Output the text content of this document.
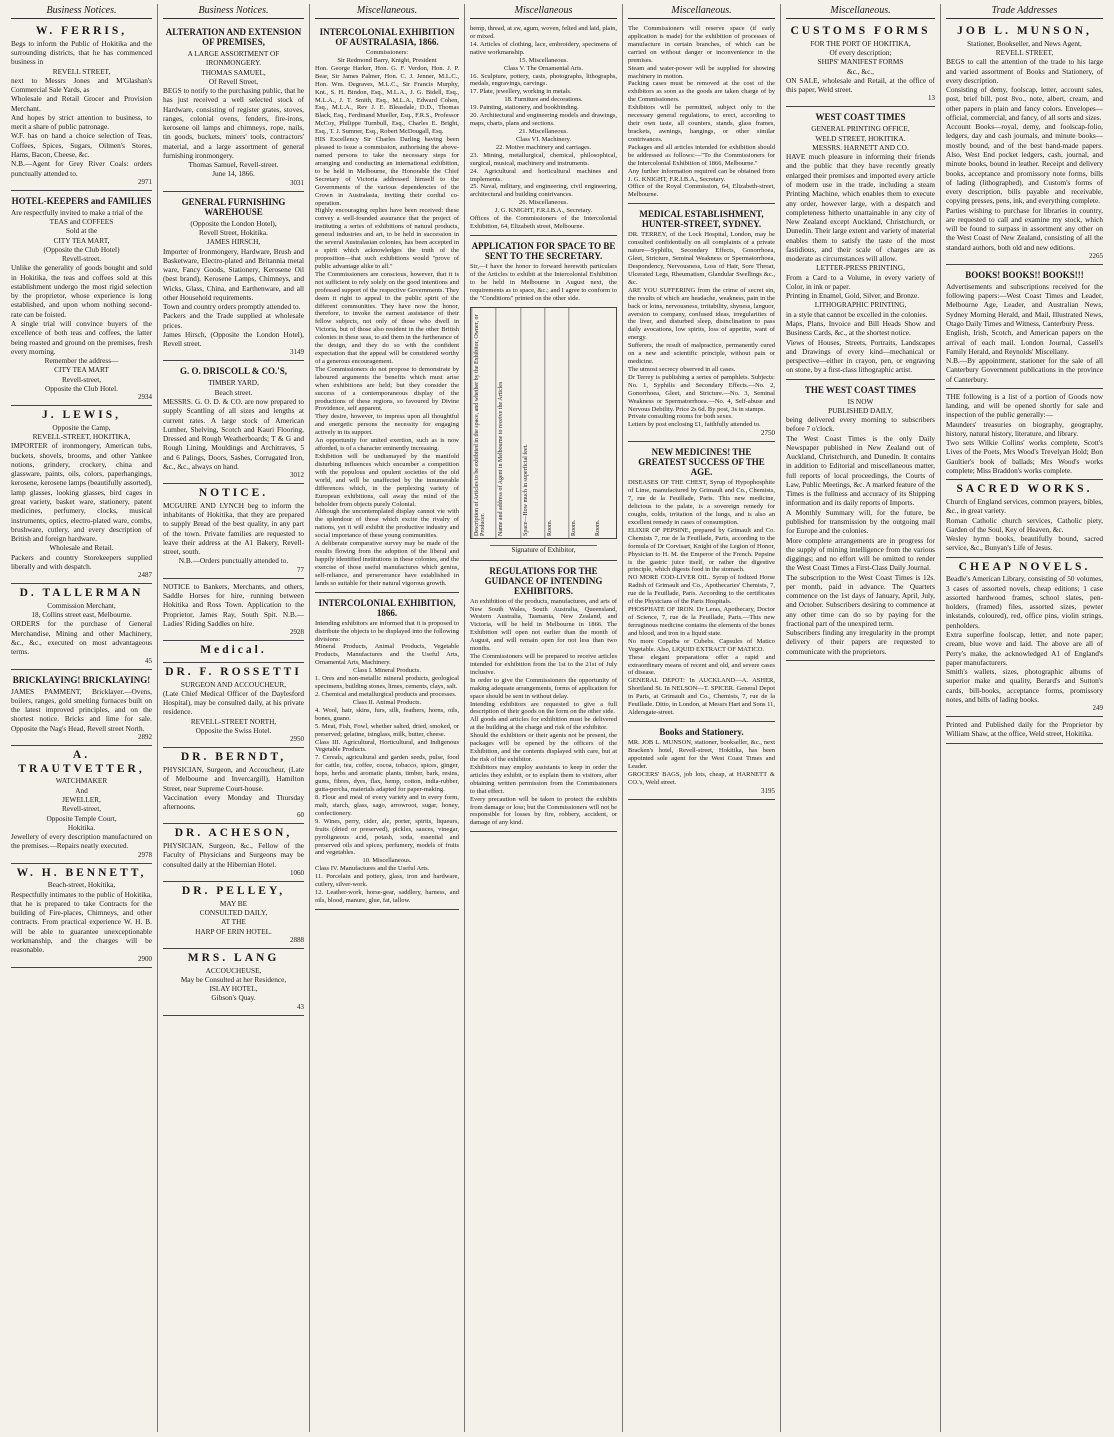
Business Notices.
W. FERRIS,

Begs to inform the Public of Hokitika and the surrounding districts, that he has commenced business in

REVELL STREET,

next to Messrs Jones and M'Glashan's Commercial Sale Yards, as

Wholesale and Retail Grocer and Provision Merchant.

And hopes by strict attention to business, to merit a share of public patronage.

W.F. has on hand a choice selection of Teas, Coffees, Spices, Sugars, Oilmen's Stores, Hams, Bacon, Cheese, &c.

N.B.—Agent for Grey River Coals: orders punctually attended to.

2971
HOTEL-KEEPERS and FAMILIES

Are respectfully invited to make a trial of the

TEAS and COFFEES

Sold at the

CITY TEA MART,

(Opposite the Club Hotel)

Revell-street.

Unlike the generality of goods bought and sold in Hokitika, the teas and coffees sold at this establishment undergo the most rigid selection by the proprietor, whose experience is long established, and upon whom nothing second-rate can be foisted.

A single trial will convince buyers of the excellence of both teas and coffees, the latter being roasted and ground on the premises, fresh every morning.

Remember the address—

CITY TEA MART

Revell-street,

Opposite the Club Hotel.

2934
J. LEWIS,

Opposite the Camp,

REVELL-STREET, HOKITIKA,

IMPORTER of ironmongery, American tubs, buckets, shovels, brooms, and other Yankee notions, grindery, crockery, china and glassware, paints, oils, colors, paperhangings, kerosene, kerosene lamps (beautifully assorted), lamp glasses, looking glasses, bird cages in great variety, basket ware, stationery, patent medicines, perfumery, clocks, musical instruments, optics, electro-plated ware, combs, brushware, cutlery, and every description of British and foreign hardware.

Wholesale and Retail.

Packers and country Storekeepers supplied liberally and with despatch.

2487
D. TALLERMAN

Commission Merchant,

18, Collins street east, Melbourne.

ORDERS for the purchase of General Merchandise, Mining and other Machinery, &c., &c., executed on most advantageous terms.

45
BRICKLAYING! BRICKLAYING!

JAMES PAMMENT, Bricklayer.—Ovens, boilers, ranges, gold smelting furnaces built on the latest improved principles, and on the shortest notice. Bricks and lime for sale. Opposite the Nag's Head, Revell street North.

2892
A. TRAUTVETTER,

WATCHMAKER

And

JEWELLER,

Revell-street,

Opposite Temple Court,

Hokitika.

Jewellery of every description manufactured on the premises.—Repairs neatly executed.

2978
W. H. BENNETT,

Beach-street, Hokitika,

Respectfully intimates to the public of Hokitika, that he is prepared to take Contracts for the building of Fire-places, Chimneys, and other contracts. From practical experience W. H. B. will be able to guarantee unexceptionable workmanship, and the charges will be reasonable.

2900
Business Notices.
ALTERATION AND EXTENSION OF PREMISES,

A LARGE ASSORTMENT OF IRONMONGERY.

THOMAS SAMUEL,

Of Revell Street,

BEGS to notify to the purchasing public, that he has just received a well selected stock of Hardware, consisting of register grates, stoves, ranges, colonial ovens, fenders, fire-irons, kerosene oil lamps and chimneys, rope, nails, tin goods, buckets, miners' tools, contractors' material, and a large assortment of general furnishing ironmongery.

Thomas Samuel, Revell-street.

June 14, 1866.

3031
GENERAL FURNISHING WAREHOUSE

(Opposite the London Hotel),

Revell Street, Hokitika.

JAMES HIRSCH,

Importer of Ironmongery, Hardware, Brush and Basketware, Electro-plated and Britannia metal ware, Fancy Goods, Stationery, Kerosene Oil (best brand), Kerosene Lamps, Chimneys, and Wicks, Glass, China, and Earthenware, and all other Household requirements.

Town and country orders promptly attended to.

Packers and the Trade supplied at wholesale prices.

James Hirsch, (Opposite the London Hotel), Revell street.

3149
G. O. DRISCOLL & CO.'S,

TIMBER YARD,

Beach street.

MESSRS. G. O. D. & CO. are now prepared to supply Scantling of all sizes and lengths at current rates. A large stock of American Lumber, Shelving, Scotch and Kauri Flooring, Dressed and Rough Weatherboards; T & G and Rough Lining, Mouldings and Architraves, 5 and 6 Palings, Doors, Sashes, Corrugated Iron, &c., &c., always on hand.

3012
NOTICE.

MCGUIRE AND LYNCH beg to inform the inhabitants of Hokitika, that they are prepared to supply Bread of the best quality, in any part of the town. Private families are requested to leave their address at the A1 Bakery, Revell-street, south.

N.B.—Orders punctually attended to.

77

NOTICE to Bankers, Merchants, and others, Saddle Horses for hire, running between Hokitika and Ross Town. Application to the Proprietor, James Ray, South Spit. N.B.—Ladies' Riding Saddles on hire.

2928
Medical.
DR. F. ROSSETTI

SURGEON AND ACCOUCHEUR,

(Late Chief Medical Officer of the Daylesford Hospital), may be consulted daily, at his private residence.

REVELL-STREET NORTH,

Opposite the Swiss Hotel.

2950
DR. BERNDT,

PHYSICIAN, Surgeon, and Accoucheur, (Late of Melbourne and Invercargill), Hamilton Street, near Supreme Court-house.

Vaccination every Monday and Thursday afternoons.

60
DR. ACHESON,

PHYSICIAN, Surgeon, &c., Fellow of the Faculty of Physicians and Surgeons may be consulted daily at the Hibernian Hotel.

1060
DR. PELLEY,

MAY BE

CONSULTED DAILY,

AT THE

HARP OF ERIN HOTEL.

2888
MRS. LANG

ACCOUCHEUSE,

May be Consulted at her Residence,

ISLAY HOTEL,

Gibson's Quay.

43
Miscellaneous.
INTERCOLONIAL EXHIBITION OF AUSTRALASIA, 1866.

Commissioners:

Sir Redmond Barry, Knight, President

Hon. George Harker, Hon. G. F. Verdon, Hon. J. P. Bear, Sir James Palmer, Hon. C. J. Jenner, M.L.C., Hon. Wm. Degraves, M.L.C., Sir Francis Murphy, Knt., S. H. Bindon, Esq., M.L.A., J. G. Bidell, Esq., M.L.A., J. T. Smith, Esq., M.L.A., Edward Cohen, Esq., M.L.A., Rev J. E. Bleasdale, D.D., Thomas Black, Esq., Ferdinand Mueller, Esq., F.R.S., Professor McCoy, Philippe Turnbull, Esq., Charles E. Bright, Esq., T. J. Sumner, Esq., Robert McDougall, Esq.

HIS Excellency Sir Charles Darling having been pleased to issue a commission, authorising the above-named persons to take the necessary steps for arranging and conducting an international exhibition, to be held in Melbourne, the Honorable the Chief Secretary of Victoria addressed himself to the Governments of the various dependencies of the Crown in Australasia, inviting their cordial co-operation.

Highly encouraging replies have been received: these convey a well-founded assurance that the project of instituting a series of exhibitions of natural products, general industries and art, to be held in succession in the several Australasian colonies, has been accepted in a spirit which acknowledges the truth of the proposition—that such exhibitions would "prove of public advantage alike to all."

The Commissioners are conscious, however, that it is not sufficient to rely solely on the good intentions and professed support of the respective Governments. They deem it right to appeal to the public spirit of the different communities. They have now the honor, therefore, to invoke the earnest assistance of their fellow subjects, not only of those who dwell in Victoria, but of those also resident in the other British colonies in these seas, to aid them in the furtherance of the design, and they do so with the confident expectation that the appeal will be considered worthy of a generous encouragement.

The Commissioners do not propose to demonstrate by laboured arguments the benefits which must arise when exhibitions are held; but they consider the success of a contemporaneous display of the productions of these regions, so favoured by Divine Providence, self apparent.

They desire, however, to impress upon all thoughtful and energetic persons the necessity for engaging actively in its support.

An opportunity for united exertion, such as is now afforded, is of a character eminently increasing.

Exhibition will be undismayed by the manifold disturbing influences which encumber a competition with the populous and opulent societies of the old world, and will be unaffected by the innumerable differences which, in the perplexing variety of European exhibitions, call away the mind of the beholder from objects purely Colonial.

Although the uncontemplated display cannot vie with the splendour of those which excite the rivalry of nations, yet it will exhibit the productive industry and social importance of these young communities.

A deliberate comparative survey may be made of the results flowing from the adoption of the liberal and happily identified institutions in these colonies, and the exercise of those useful manufactures which genius, self-reliance, and perseverance have established in lands so suitable for their natural vigorous growth.

INTERCOLONIAL EXHIBITION, 1866.

Intending exhibitors are informed that it is proposed to distribute the objects to be displayed into the following divisions:

Mineral Products, Animal Products, Vegetable Products, Manufactures and the Useful Arts, Ornamental Arts, Machinery.

Class I. Mineral Products.

1. Ores and non-metallic mineral products, geological specimens, building stones, limes, cements, clays, salt.

2. Chemical and metallurgical products and processes.

Class II. Animal Products.

4. Wool, hair, skins, furs, silk, feathers, horns, oils, bones, guano.

5. Meat, Fish, Fowl, whether salted, dried, smoked, or preserved; gelatine, isinglass, milk, butter, cheese.

Class III. Agricultural, Horticultural, and Indigenous Vegetable Products.

7. Cereals, agricultural and garden seeds, pulse, food for cattle, tea, coffee, cocoa, tobacco, spices, ginger, hops, herbs and aromatic plants, timber, bark, resins, gums, fibres, dyes, flax, hemp, cotton, india-rubber, gutta-percha, materials adapted for paper-making.

8. Flour and meal of every variety and in every form, malt, starch, glass, sago, arrowroot, sugar, honey, confectionery.

9. Wines, perry, cider, ale, porter, spirits, liqueurs, fruits (dried or preserved), pickles, sauces, vinegar, pyroligneous acid, potash, soda, essential and preserved oils and spices, perfumery, models of fruits and vegetables.

10. Miscellaneous.

Class IV. Manufactures and the Useful Arts.

11. Porcelain and pottery, glass, iron and hardware, cutlery, silver-work.

12. Leather-work, horse-gear, saddlery, harness, and oils, blood, manure, glue, fat, tallow.

Miscellaneous

hemp, thread, at sw, agum, woven, felted and laid, plain, or mixed.

14. Articles of clothing, lace, embroidery, specimens of native workmanship.

15. Miscellaneous.

Class V. The Ornamental Arts.

16. Sculpture, pottery, casts, photographs, lithographs, medals, engravings, carvings.

17. Plate, jewellery, working in metals.

18. Furniture and decorations.

19. Painting, stationery, and bookbinding.

20. Architectural and engineering models and drawings, maps, charts, plans and sections.

21. Miscellaneous.

Class VI. Machinery.

22. Motive machinery and carriages.

23. Mining, metallurgical, chemical, philosophical, surgical, musical, machinery and instruments.

24. Agricultural and horticultural machines and implements.

25. Naval, military, and engineering, civil engineering, architectural and building contrivances.

26. Miscellaneous.

J. G. KNIGHT, F.R.I.B.A., Secretary.

Offices of the Commissioners of the Intercolonial Exhibition, 64, Elizabeth street, Melbourne.

APPLICATION FOR SPACE TO BE SENT TO THE SECRETARY.

Sir,—I have the honor to forward herewith particulars of the Articles to exhibit at the Intercolonial Exhibition to be held in Melbourne in August next, the requirements as to space, &c.; and I agree to conform to the "Conditions" printed on the other side.

Description of Articles to be exhibited in the space, and whether by the Exhibitor, Owner, or Producer.	Name and address of Agent in Melbourne to receive the Articles	Space—How much in superficial feet.	Room.	Room.	Room.
Signature of Exhibitor,
REGULATIONS FOR THE GUIDANCE OF INTENDING EXHIBITORS.

An exhibition of the products, manufactures, and arts of New South Wales, South Australia, Queensland, Western Australia, Tasmania, New Zealand, and Victoria, will be held in Melbourne in 1866. The Exhibition will open not earlier than the month of August, and will remain open for not less than two months.

The Commissioners will be prepared to receive articles intended for exhibition from the 1st to the 21st of July inclusive.

In order to give the Commissioners the opportunity of making adequate arrangements, forms of application for space should be sent in without delay.

Intending exhibitors are requested to give a full description of their goods on the form on the other side.

All goods and articles for exhibition must be delivered at the building at the charge and risk of the exhibitor.

Should the exhibitors or their agents not be present, the packages will be opened by the officers of the Exhibition, and the contents displayed with care, but at the risk of the exhibitor.

Exhibitors may employ assistants to keep in order the articles they exhibit, or to explain them to visitors, after obtaining written permission from the Commissioners to that effect.

Every precaution will be taken to protect the exhibits from damage or loss; but the Commissioners will not be responsible for losses by fire, robbery, accident, or damage of any kind.

Miscellaneous.

The Commissioners will reserve space (if early application is made) for the exhibition of processes of manufacture in certain branches, of which can be carried on without danger or inconvenience in the premises.

Steam and water-power will be supplied for showing machinery in motion.

Packing cases must be removed at the cost of the exhibitors as soon as the goods are taken charge of by the Commissioners.

Exhibitors will be permitted, subject only to the necessary general regulations, to erect, according to their own taste, all counters, stands, glass frames, brackets, awnings, hangings, or other similar contrivances.

Packages and all articles intended for exhibition should be addressed as follows:—"To the Commissioners for the Intercolonial Exhibition of 1866, Melbourne."

Any further information required can be obtained from J. G. KNIGHT, F.R.I.B.A., Secretary.

Office of the Royal Commission, 64, Elizabeth-street, Melbourne.

MEDICAL ESTABLISHMENT, HUNTER-STREET, SYDNEY.

DR. TERREY, of the Lock Hospital, London, may be consulted confidentially on all complaints of a private nature—Syphilis, Secondary Effects, Gonorrhoea, Gleet, Stricture, Seminal Weakness or Spermatorrhoea, Despondency, Nervousness, Loss of Hair, Sore Throat, Ulcerated Legs, Rheumatism, Glandular Swellings &c., &c.

ARE YOU SUFFERING from the crime of secret sin, the results of which are headache, weakness, pain in the back or loins, nervousness, irritability, shyness, languor, aversion to company, confused ideas, irregularities of the liver, and disturbed sleep, disinclination to pass daily avocations, low spirits, loss of appetite, want of energy.

Sufferers, the result of malpractice, permanently cured on a new and scientific principle, without pain or medicine.

The utmost secrecy observed in all cases.

Dr Terrey is publishing a series of pamphlets. Subjects: No. 1, Syphilis and Secondary Effects.—No. 2, Gonorrhoea, Gleet, and Stricture.—No. 3, Seminal Weakness or Spermatorrhoea.—No. 4, Self-abuse and Nervous Debility. Price 2s 6d. By post, 3s in stamps.

Private consulting rooms for both sexes.

Letters by post enclosing £1, faithfully attended to.

2750
NEW MEDICINES! THE GREATEST SUCCESS OF THE AGE.

DISEASES OF THE CHEST, Syrup of Hypophosphite of Lime, manufactured by Grimault and Co., Chemists, 7, rue de la Feuillade, Paris. This new medicine, delicious to the palate, is a sovereign remedy for coughs, colds, irritation of the lungs, and is also an excellent remedy in cases of consumption.

ELIXIR OF PEPSINE, prepared by Grimault and Co. Chemists 7, rue de la Feuillade, Paris, according to the formula of Dr Corvisart, Knight of the Legion of Honor, Physician to H. M. the Emperor of the French. Pepsine is the gastric juice itself, or rather the digestive principle, which digests food in the stomach.

NO MORE COD-LIVER OIL. Syrup of Iodized Horse Radish of Grimault and Co., Apothecaries' Chemists, 7, rue de la Feuillade, Paris. According to the certificates of the Physicians of the Paris Hospitals.

PHOSPHATE OF IRON. Dr Leras, Apothecary, Doctor of Science, 7, rue de la Feuillade, Paris.—This new ferruginous medicine contains the elements of the bones and blood, and iron in a liquid state.

No more Copaiba or Cubebs. Capsules of Matico Vegetable. Also, LIQUID EXTRACT OF MATICO.

These elegant preparations offer a rapid and extraordinary means of recent and old, and severe cases of disease.

GENERAL DEPOT: In AUCKLAND—A. ASHER, Shortland St. In NELSON—T. SPICER. General Depot in Paris, at Grimault and Co., Chemists, 7, rue de la Feuillade. Ditto, in London, at Messrs Hart and Sons 11, Aldersgate-street.

Books and Stationery.

MR. JOB L. MUNSON, stationer, bookseller, &c., next Bracken's hotel, Revell-street, Hokitika, has been appointed sole agent for the West Coast Times and Leader.

GROCERS' BAGS, job lots, cheap, at HARNETT & CO.'s, Weld street.

3195
Miscellaneous.
CUSTOMS FORMS

FOR THE PORT OF HOKITIKA,

Of every description;

SHIPS' MANIFEST FORMS

&c., &c.,

ON SALE, wholesale and Retail, at the office of this paper, Weld street.

13
WEST COAST TIMES

GENERAL PRINTING OFFICE,

WELD STREET, HOKITIKA.

MESSRS. HARNETT AND CO.

HAVE much pleasure in informing their friends and the public that they have recently greatly enlarged their premises and imported every article of modern use in the trade, including a steam Printing Machine, which enables them to execute any order, however large, with a despatch and completeness hitherto unattainable in any city of New Zealand except Auckland, Christchurch, or Dunedin. Their large extent and variety of material enables them to satisfy the taste of the most fastidious, and their scale of charges are as moderate as circumstances will allow.

LETTER-PRESS PRINTING,

From a Card to a Volume, in every variety of Color, in ink or paper.

Printing in Enamel, Gold, Silver, and Bronze.

LITHOGRAPHIC PRINTING,

in a style that cannot be excelled in the colonies.

Maps, Plans, Invoice and Bill Heads Show and Business Cards, &c., at the shortest notice.

Views of Houses, Streets, Portraits, Landscapes and Drawings of every kind—mechanical or perspective—either in crayon, pen, or engraving on stone, by a first-class lithographic artist.

THE WEST COAST TIMES

IS NOW

PUBLISHED DAILY,

being delivered every morning to subscribers before 7 o'clock.

The West Coast Times is the only Daily Newspaper published in New Zealand out of Auckland, Christchurch, and Dunedin. It contains in addition to Editorial and miscellaneous matter, full reports of local proceedings, the Courts of Law, Public Meetings, &c. A marked feature of the Times is the fullness and accuracy of its Shipping information and its daily reports of Imports.

A Monthly Summary will, for the future, be published for transmission by the outgoing mail for Europe and the colonies.

More complete arrangements are in progress for the supply of mining intelligence from the various diggings; and no effort will be omitted to render the West Coast Times a First-Class Daily Journal.

The subscription to the West Coast Times is 12s. per month, paid in advance. The Quarters commence on the 1st days of January, April, July, and October. Subscribers desiring to commence at any other time can do so by paying for the fractional part of the unexpired term.

Subscribers finding any irregularity in the prompt delivery of their papers are requested to communicate with the proprietors.

Trade Addresses
JOB L. MUNSON,

Stationer, Bookseller, and News Agent,

REVELL STREET,

BEGS to call the attention of the trade to his large and varied assortment of Books and Stationery, of every description.

Consisting of demy, foolscap, letter, account sales, post, brief bill, post 8vo., note, albert, cream, and other papers in plain and fancy colors. Envelopes—official, commercial, and fancy, of all sorts and sizes.

Account Books—royal, demy, and foolscap-folio, ledgers, day and cash journals, and minute books—mostly bound, and of the best hand-made papers. Also, West End pocket ledgers, cash, journal, and minute books, bound in leather. Receipt and delivery books, acceptance and promissory note forms, bills of lading (lithographed), and Custom's forms of every description, bills payable and receivable, copying presses, pens, ink, and everything complete.

Parties wishing to purchase for libraries in country, are requested to call and examine my stock, which will be found to surpass in assortment any other on the West Coast of New Zealand, consisting of all the standard authors, both old and new editions.

2265
BOOKS! BOOKS!! BOOKS!!!

Advertisements and subscriptions received for the following papers:—West Coast Times and Leader, Melbourne Age, Leader, and Australian News, Sydney Morning Herald, and Mail, Illustrated News, Otago Daily Times and Witness, Canterbury Press.

English, Irish, Scotch, and American papers on the arrival of each mail. London Journal, Cassell's Family Herald, and Reynolds' Miscellany.

N.B.—By appointment, stationer for the sale of all Canterbury Government publications in the province of Canterbury.

THE following is a list of a portion of Goods now landing, and will be opened shortly for sale and inspection of the public generally:—

Maunders' treasuries on biography, geography, history, natural history, literature, and library.

Two sets Wilkie Collins' works complete, Scott's Lives of the Poets, Mrs Wood's Trevelyan Hold; Bon Gaultier's book of ballads; Mrs Wood's works complete; Miss Braddon's works complete.

SACRED WORKS.

Church of England services, common prayers, bibles, &c., in great variety.

Roman Catholic church services, Catholic piety, Garden of the Soul, Key of Heaven, &c.

Wesley hymn books, beautifully bound, sacred service, &c., Bunyan's Life of Jesus.

CHEAP NOVELS.

Beadle's American Library, consisting of 50 volumes, 3 cases of assorted novels, cheap editions; 1 case assorted hardwood frames, school slates, pen-holders, (framed) files, assorted sizes, pewter inkstands, coloured), red, office pins, violin strings, penholders.

Extra superfine foolscap, letter, and note paper; cream, blue wove and laid. The above are all of Perry's make, the acknowledged A1 of England's paper manufacturers.

Smith's wallets, sizes, photographic albums of superior make and quality, Berard's and Sutton's cards, bill-books, acceptance forms, promissory notes, and bills of lading books.

249

Printed and Published daily for the Proprietor by William Shaw, at the office, Weld street, Hokitika.
